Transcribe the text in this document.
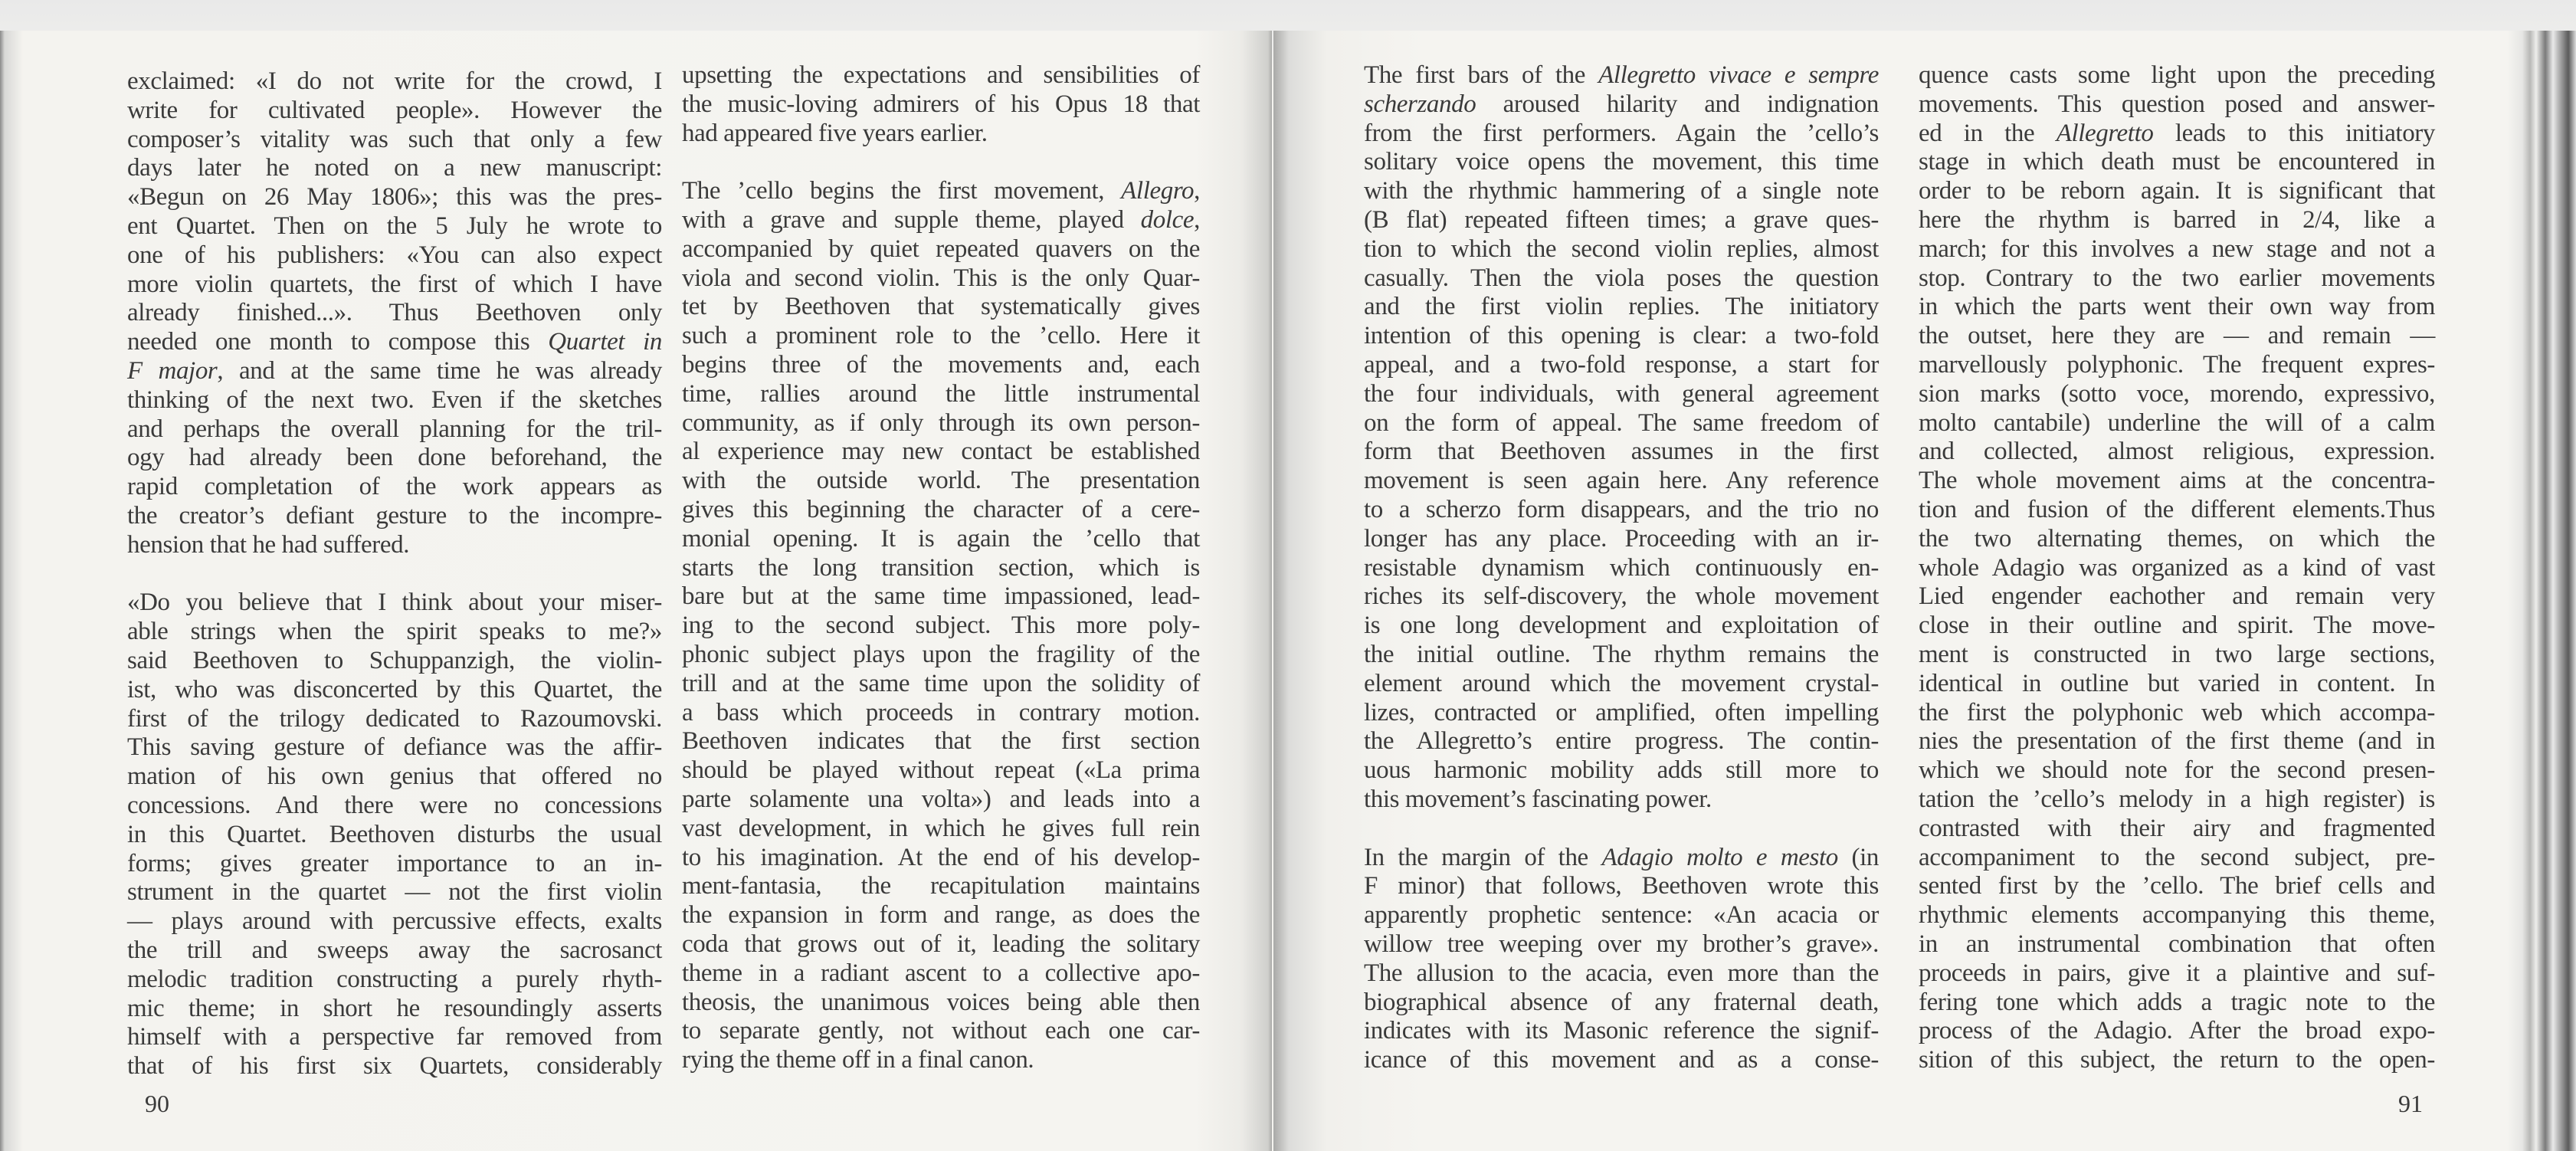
exclaimed: «I do not write for the crowd, I
write for cultivated people». However the
composer’s vitality was such that only a few
days later he noted on a new manuscript:
«Begun on 26 May 1806»; this was the pres-
ent Quartet. Then on the 5 July he wrote to
one of his publishers: «You can also expect
more violin quartets, the first of which I have
already finished...». Thus Beethoven only
needed one month to compose this Quartet in
F major, and at the same time he was already
thinking of the next two. Even if the sketches
and perhaps the overall planning for the tril-
ogy had already been done beforehand, the
rapid completation of the work appears as
the creator’s defiant gesture to the incompre-
hension that he had suffered.
«Do you believe that I think about your miser-
able strings when the spirit speaks to me?»
said Beethoven to Schuppanzigh, the violin-
ist, who was disconcerted by this Quartet, the
first of the trilogy dedicated to Razoumovski.
This saving gesture of defiance was the affir-
mation of his own genius that offered no
concessions. And there were no concessions
in this Quartet. Beethoven disturbs the usual
forms; gives greater importance to an in-
strument in the quartet — not the first violin
— plays around with percussive effects, exalts
the trill and sweeps away the sacrosanct
melodic tradition constructing a purely rhyth-
mic theme; in short he resoundingly asserts
himself with a perspective far removed from
that of his first six Quartets, considerably
upsetting the expectations and sensibilities of
the music-loving admirers of his Opus 18 that
had appeared five years earlier.
The ’cello begins the first movement, Allegro,
with a grave and supple theme, played dolce,
accompanied by quiet repeated quavers on the
viola and second violin. This is the only Quar-
tet by Beethoven that systematically gives
such a prominent role to the ’cello. Here it
begins three of the movements and, each
time, rallies around the little instrumental
community, as if only through its own person-
al experience may new contact be established
with the outside world. The presentation
gives this beginning the character of a cere-
monial opening. It is again the ’cello that
starts the long transition section, which is
bare but at the same time impassioned, lead-
ing to the second subject. This more poly-
phonic subject plays upon the fragility of the
trill and at the same time upon the solidity of
a bass which proceeds in contrary motion.
Beethoven indicates that the first section
should be played without repeat («La prima
parte solamente una volta») and leads into a
vast development, in which he gives full rein
to his imagination. At the end of his develop-
ment-fantasia, the recapitulation maintains
the expansion in form and range, as does the
coda that grows out of it, leading the solitary
theme in a radiant ascent to a collective apo-
theosis, the unanimous voices being able then
to separate gently, not without each one car-
rying the theme off in a final canon.
The first bars of the Allegretto vivace e sempre
scherzando aroused hilarity and indignation
from the first performers. Again the ’cello’s
solitary voice opens the movement, this time
with the rhythmic hammering of a single note
(B flat) repeated fifteen times; a grave ques-
tion to which the second violin replies, almost
casually. Then the viola poses the question
and the first violin replies. The initiatory
intention of this opening is clear: a two-fold
appeal, and a two-fold response, a start for
the four individuals, with general agreement
on the form of appeal. The same freedom of
form that Beethoven assumes in the first
movement is seen again here. Any reference
to a scherzo form disappears, and the trio no
longer has any place. Proceeding with an ir-
resistable dynamism which continuously en-
riches its self-discovery, the whole movement
is one long development and exploitation of
the initial outline. The rhythm remains the
element around which the movement crystal-
lizes, contracted or amplified, often impelling
the Allegretto’s entire progress. The contin-
uous harmonic mobility adds still more to
this movement’s fascinating power.
In the margin of the Adagio molto e mesto (in
F minor) that follows, Beethoven wrote this
apparently prophetic sentence: «An acacia or
willow tree weeping over my brother’s grave».
The allusion to the acacia, even more than the
biographical absence of any fraternal death,
indicates with its Masonic reference the signif-
icance of this movement and as a conse-
quence casts some light upon the preceding
movements. This question posed and answer-
ed in the Allegretto leads to this initiatory
stage in which death must be encountered in
order to be reborn again. It is significant that
here the rhythm is barred in 2/4, like a
march; for this involves a new stage and not a
stop. Contrary to the two earlier movements
in which the parts went their own way from
the outset, here they are — and remain —
marvellously polyphonic. The frequent expres-
sion marks (sotto voce, morendo, expressivo,
molto cantabile) underline the will of a calm
and collected, almost religious, expression.
The whole movement aims at the concentra-
tion and fusion of the different elements.Thus
the two alternating themes, on which the
whole Adagio was organized as a kind of vast
Lied engender eachother and remain very
close in their outline and spirit. The move-
ment is constructed in two large sections,
identical in outline but varied in content. In
the first the polyphonic web which accompa-
nies the presentation of the first theme (and in
which we should note for the second presen-
tation the ’cello’s melody in a high register) is
contrasted with their airy and fragmented
accompaniment to the second subject, pre-
sented first by the ’cello. The brief cells and
rhythmic elements accompanying this theme,
in an instrumental combination that often
proceeds in pairs, give it a plaintive and suf-
fering tone which adds a tragic note to the
process of the Adagio. After the broad expo-
sition of this subject, the return to the open-
90	91
